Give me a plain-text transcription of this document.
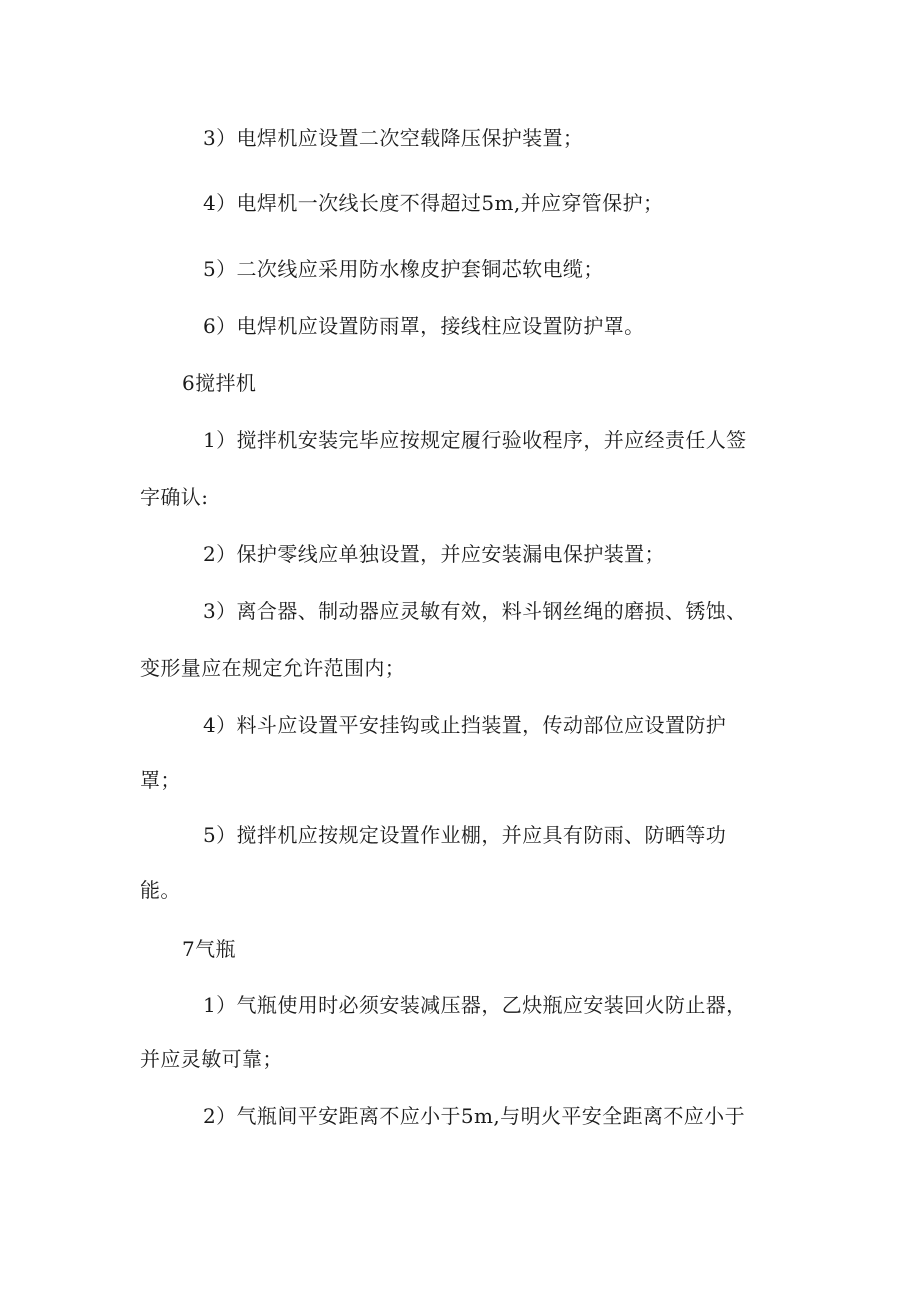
3）电焊机应设置二次空载降压保护装置；
4）电焊机一次线长度不得超过5m,并应穿管保护；
5）二次线应采用防水橡皮护套铜芯软电缆；
6）电焊机应设置防雨罩，接线柱应设置防护罩。
6搅拌机
1）搅拌机安装完毕应按规定履行验收程序，并应经责任人签
字确认:
2）保护零线应单独设置，并应安装漏电保护装置；
3）离合器、制动器应灵敏有效，料斗钢丝绳的磨损、锈蚀、
变形量应在规定允许范围内；
4）料斗应设置平安挂钩或止挡装置，传动部位应设置防护
罩；
5）搅拌机应按规定设置作业棚，并应具有防雨、防晒等功
能。
7气瓶
1）气瓶使用时必须安装减压器，乙炔瓶应安装回火防止器，
并应灵敏可靠；
2）气瓶间平安距离不应小于5m,与明火平安全距离不应小于
